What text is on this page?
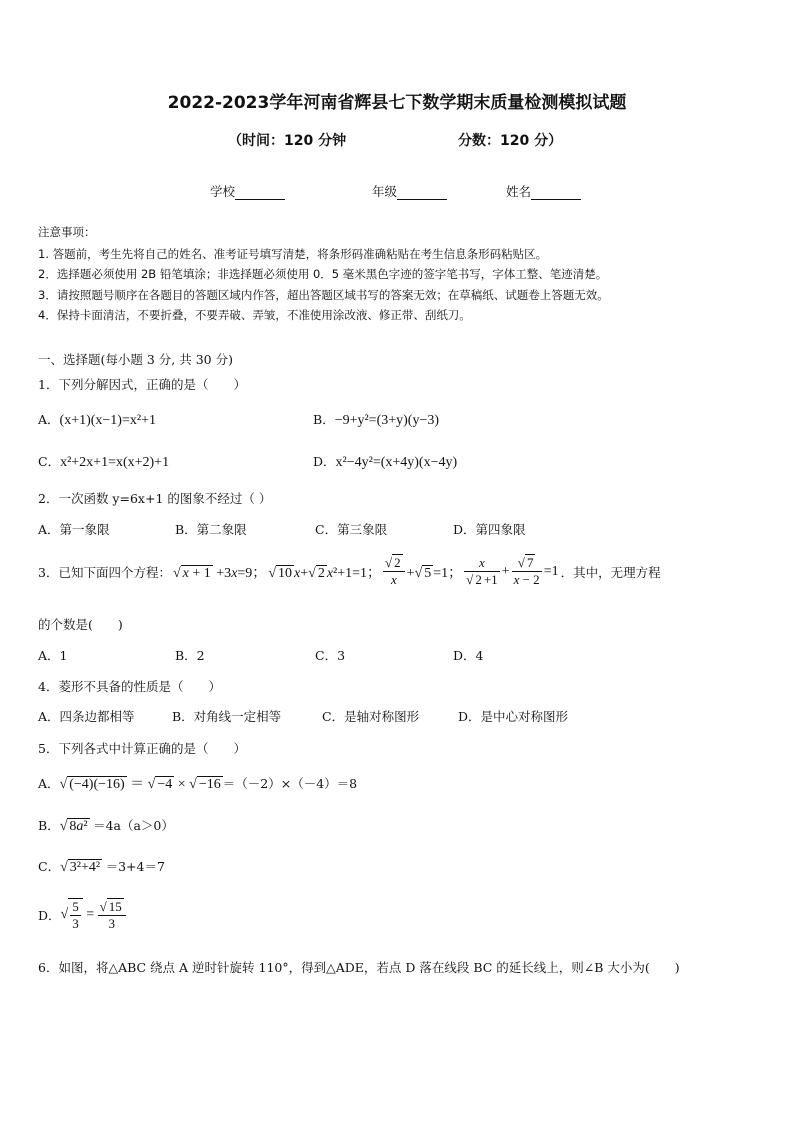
2022-2023学年河南省辉县七下数学期末质量检测模拟试题
（时间：120 分钟	分数：120 分）
学校	年级	姓名
注意事项：
1. 答题前，考生先将自己的姓名、准考证号填写清楚，将条形码准确粘贴在考生信息条形码粘贴区。
2．选择题必须使用 2B 铅笔填涂；非选择题必须使用 0．5 毫米黑色字迹的签字笔书写，字体工整、笔迹清楚。
3．请按照题号顺序在各题目的答题区域内作答，超出答题区域书写的答案无效；在草稿纸、试题卷上答题无效。
4．保持卡面清洁，不要折叠，不要弄破、弄皱，不准使用涂改液、修正带、刮纸刀。
一、选择题(每小题 3 分, 共 30 分)
1．下列分解因式，正确的是（　　）
A．(x+1)(x−1)=x²+1	B．−9+y²=(3+y)(y−3)
C．x²+2x+1=x(x+2)+1	D．x²−4y²=(x+4y)(x−4y)
2．一次函数 y=6x+1 的图象不经过（ ）
A．第一象限	B．第二象限	C．第三象限	D．第四象限
3．已知下面四个方程： √ x + 1 +3x=9； √ 10 x+√ 2 x²+1=1； $\frac{√ 2}{x}$ +√ 5 =1； $\frac{x}{√ 2 +1} + \frac{√ 7}{x - 2} =1$ ．其中，无理方程
的个数是(　　)
A．1	B．2	C．3	D．4
4．菱形不具备的性质是（　　）
A．四条边都相等	B．对角线一定相等	C．是轴对称图形	D．是中心对称图形
5．下列各式中计算正确的是（　　）
A．√ (−4)(−16) ＝ √ −4 × √ −16 ＝（－2）×（－4）＝8
B．√ 8a² ＝4a（a＞0）
C．√ 3²+4² ＝3+4＝7
D． √ $\frac{5}{3} = \frac{√ 15}{3}$
6．如图，将△ABC 绕点 A 逆时针旋转 110°，得到△ADE，若点 D 落在线段 BC 的延长线上，则∠B 大小为(　　)
